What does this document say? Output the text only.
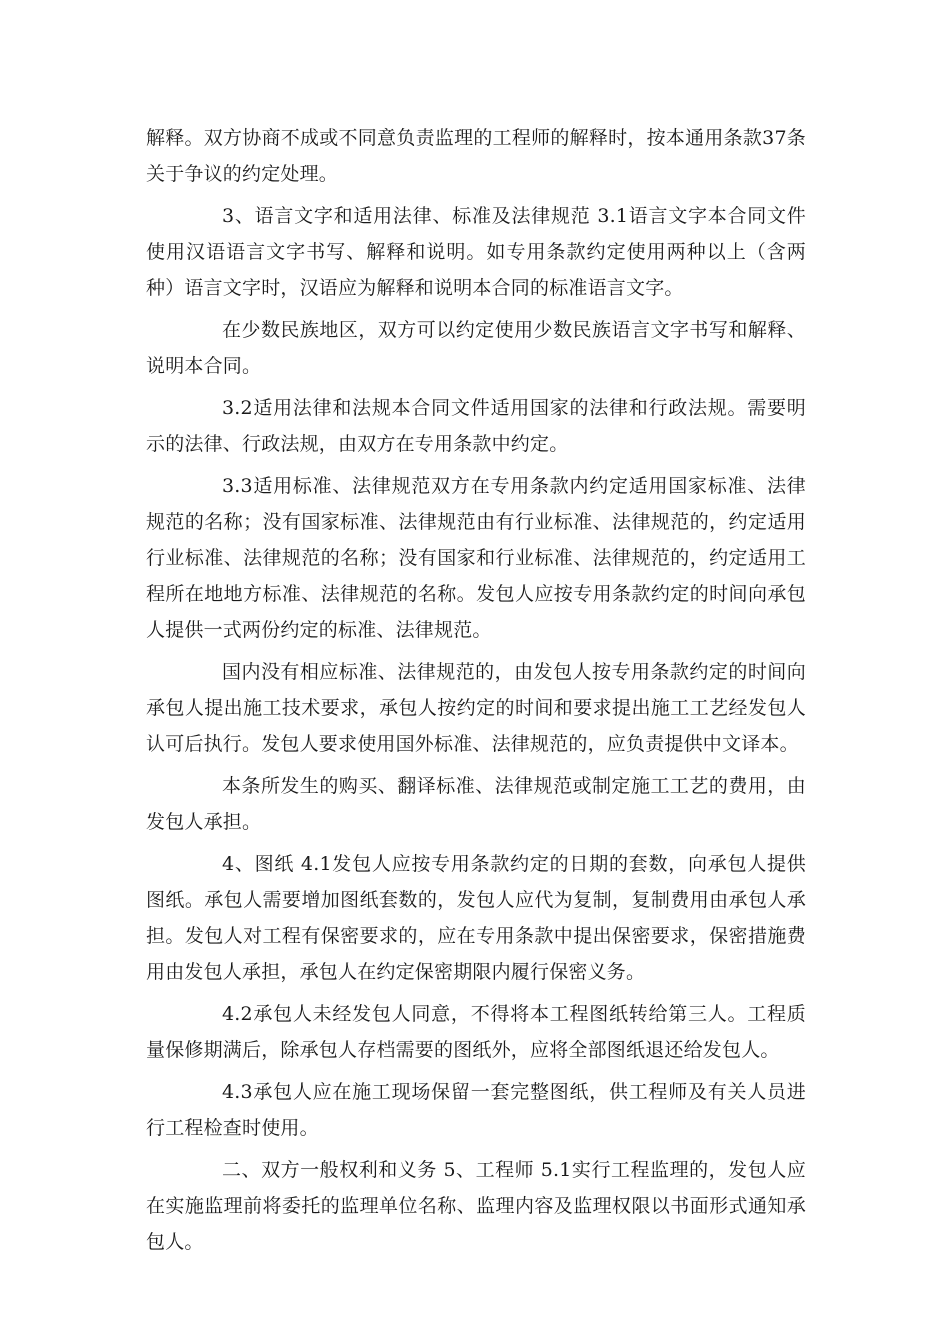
解释。双方协商不成或不同意负责监理的工程师的解释时，按本通用条款37条关于争议的约定处理。

3、语言文字和适用法律、标准及法律规范 3.1语言文字本合同文件使用汉语语言文字书写、解释和说明。如专用条款约定使用两种以上（含两种）语言文字时，汉语应为解释和说明本合同的标准语言文字。

在少数民族地区，双方可以约定使用少数民族语言文字书写和解释、说明本合同。

3.2适用法律和法规本合同文件适用国家的法律和行政法规。需要明示的法律、行政法规，由双方在专用条款中约定。

3.3适用标准、法律规范双方在专用条款内约定适用国家标准、法律规范的名称；没有国家标准、法律规范由有行业标准、法律规范的，约定适用行业标准、法律规范的名称；没有国家和行业标准、法律规范的，约定适用工程所在地地方标准、法律规范的名称。发包人应按专用条款约定的时间向承包人提供一式两份约定的标准、法律规范。

国内没有相应标准、法律规范的，由发包人按专用条款约定的时间向承包人提出施工技术要求，承包人按约定的时间和要求提出施工工艺经发包人认可后执行。发包人要求使用国外标准、法律规范的，应负责提供中文译本。

本条所发生的购买、翻译标准、法律规范或制定施工工艺的费用，由发包人承担。

4、图纸 4.1发包人应按专用条款约定的日期的套数，向承包人提供图纸。承包人需要增加图纸套数的，发包人应代为复制，复制费用由承包人承担。发包人对工程有保密要求的，应在专用条款中提出保密要求，保密措施费用由发包人承担，承包人在约定保密期限内履行保密义务。

4.2承包人未经发包人同意，不得将本工程图纸转给第三人。工程质量保修期满后，除承包人存档需要的图纸外，应将全部图纸退还给发包人。

4.3承包人应在施工现场保留一套完整图纸，供工程师及有关人员进行工程检查时使用。

二、双方一般权利和义务 5、工程师 5.1实行工程监理的，发包人应在实施监理前将委托的监理单位名称、监理内容及监理权限以书面形式通知承包人。
